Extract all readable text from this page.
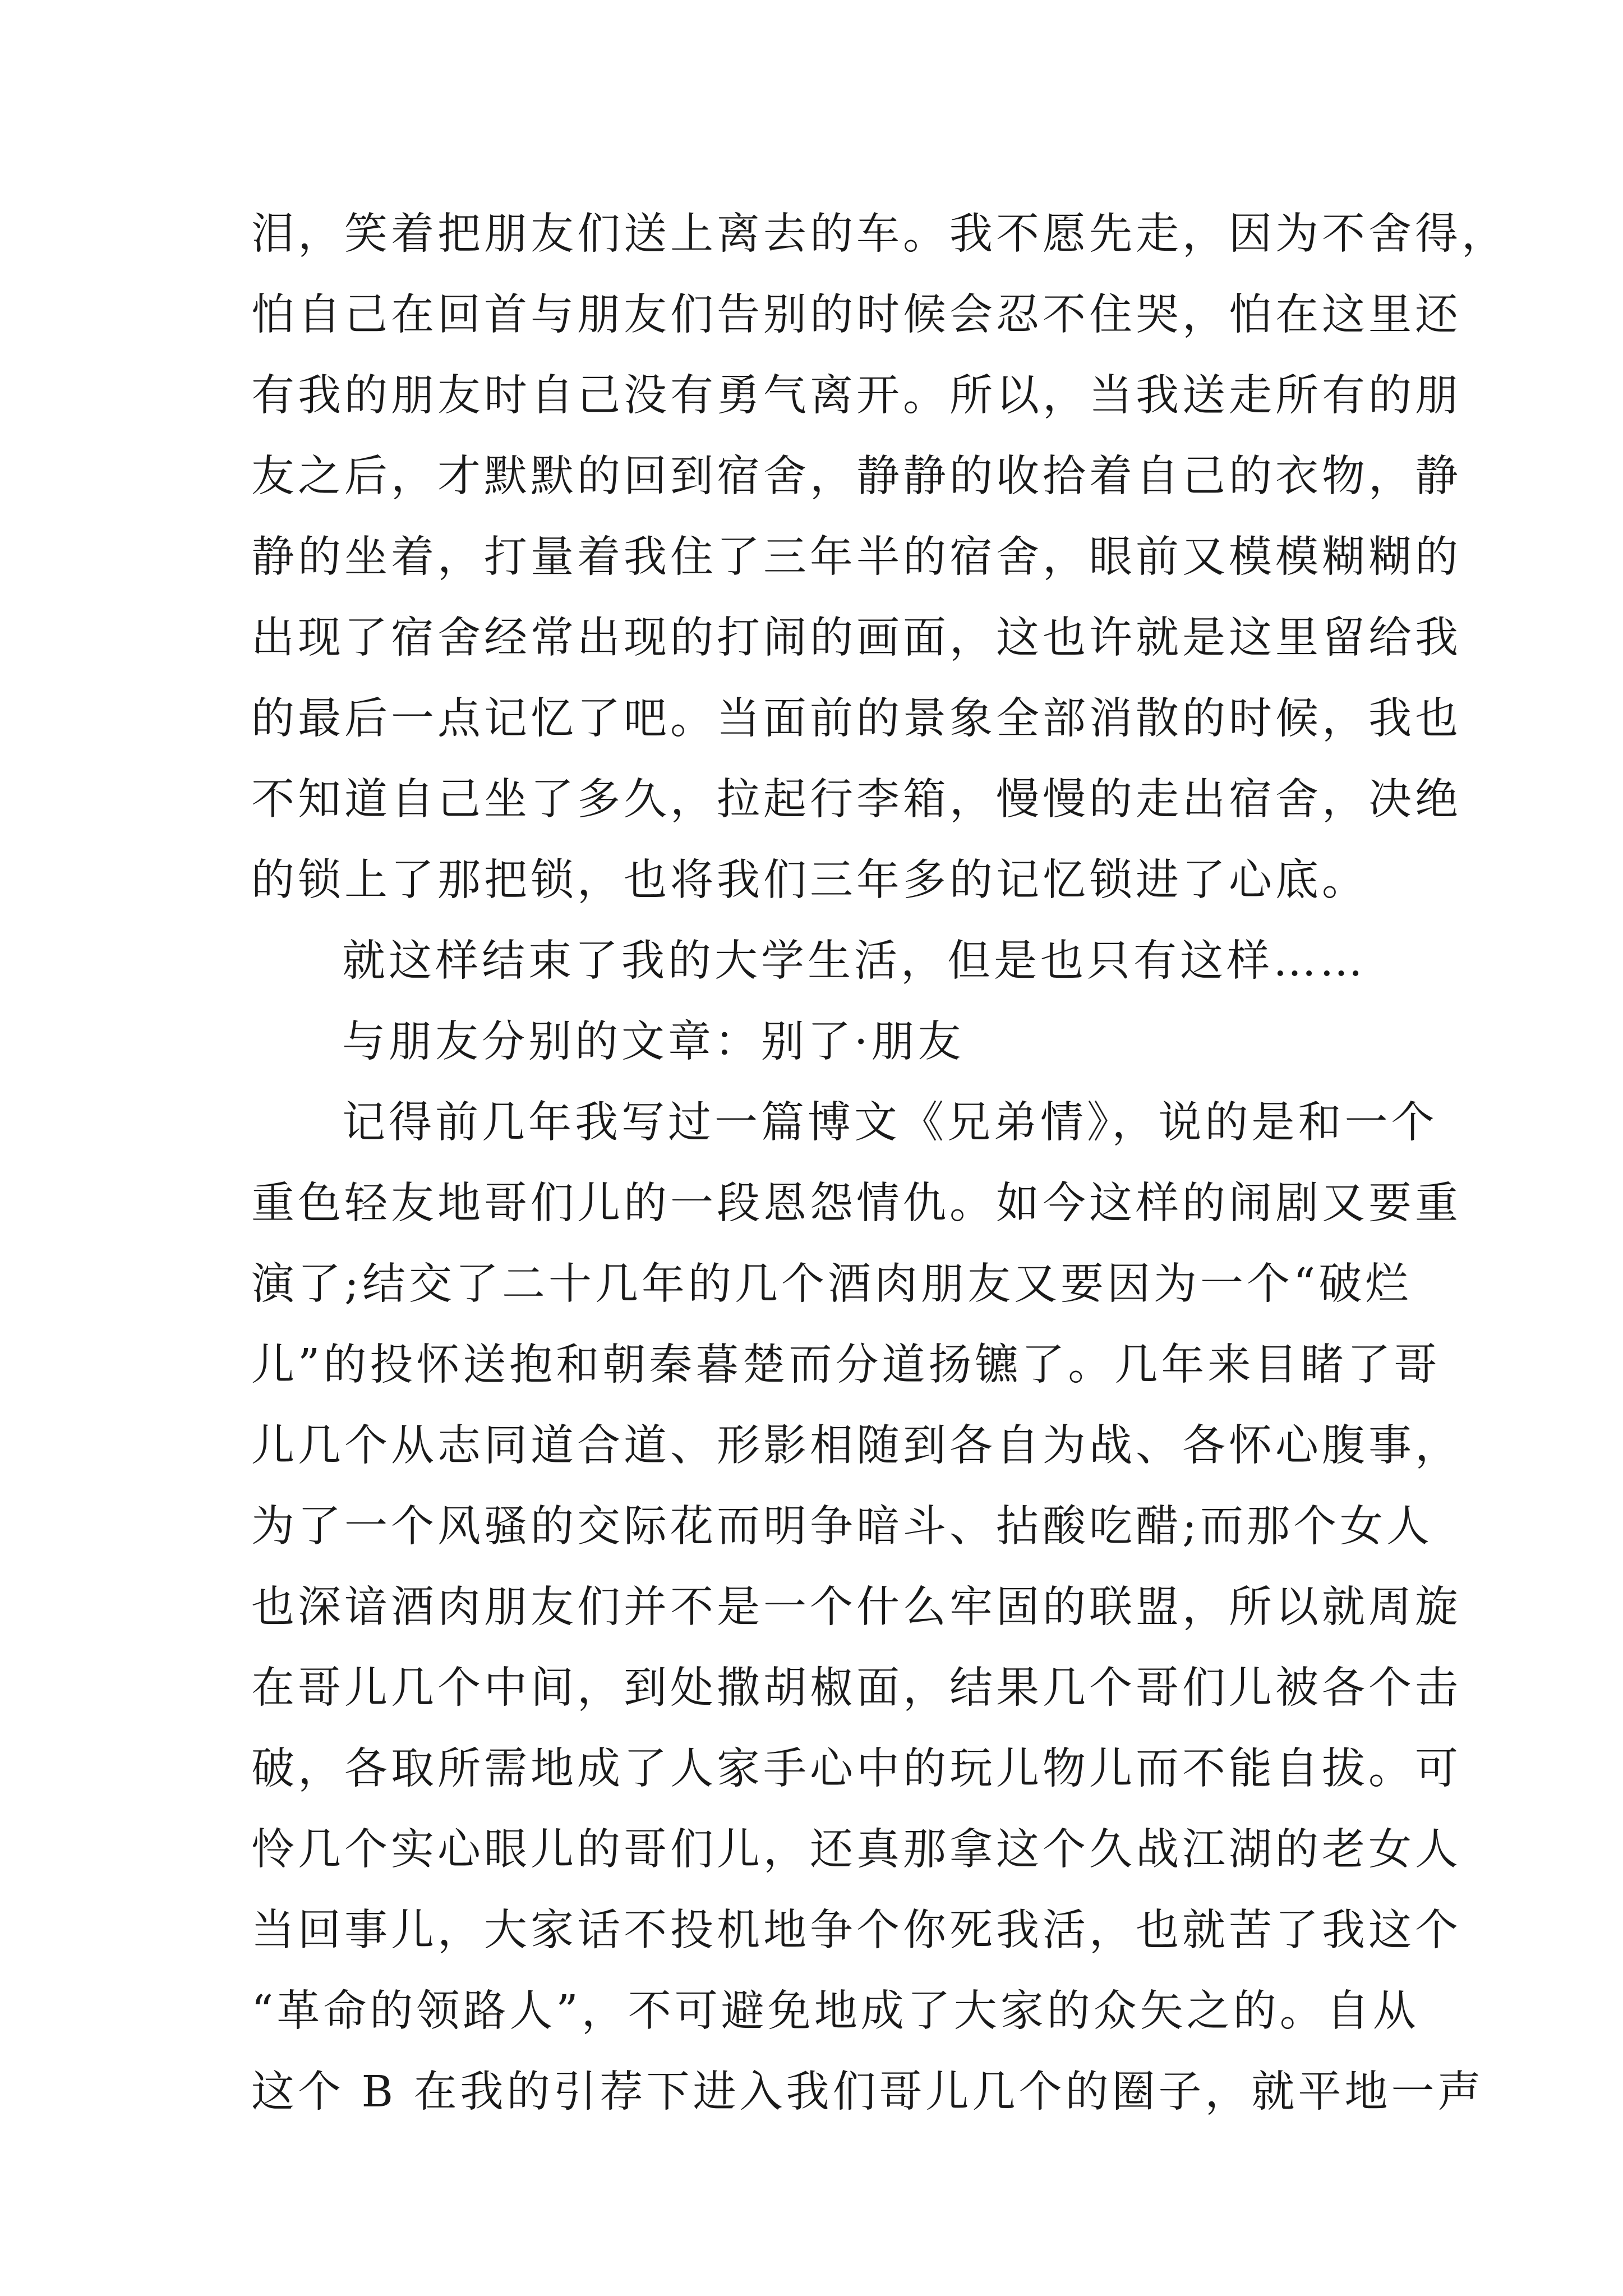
泪，笑着把朋友们送上离去的车。我不愿先走，因为不舍得，
怕自己在回首与朋友们告别的时候会忍不住哭，怕在这里还
有我的朋友时自己没有勇气离开。所以，当我送走所有的朋
友之后，才默默的回到宿舍，静静的收拾着自己的衣物，静
静的坐着，打量着我住了三年半的宿舍，眼前又模模糊糊的
出现了宿舍经常出现的打闹的画面，这也许就是这里留给我
的最后一点记忆了吧。当面前的景象全部消散的时候，我也
不知道自己坐了多久，拉起行李箱，慢慢的走出宿舍，决绝
的锁上了那把锁，也将我们三年多的记忆锁进了心底。
就这样结束了我的大学生活，但是也只有这样……
与朋友分别的文章：别了·朋友
记得前几年我写过一篇博文《兄弟情》，说的是和一个
重色轻友地哥们儿的一段恩怨情仇。如今这样的闹剧又要重
演了;结交了二十几年的几个酒肉朋友又要因为一个“破烂
儿”的投怀送抱和朝秦暮楚而分道扬镳了。几年来目睹了哥
儿几个从志同道合道、形影相随到各自为战、各怀心腹事，
为了一个风骚的交际花而明争暗斗、拈酸吃醋;而那个女人
也深谙酒肉朋友们并不是一个什么牢固的联盟，所以就周旋
在哥儿几个中间，到处撒胡椒面，结果几个哥们儿被各个击
破，各取所需地成了人家手心中的玩儿物儿而不能自拔。可
怜几个实心眼儿的哥们儿，还真那拿这个久战江湖的老女人
当回事儿，大家话不投机地争个你死我活，也就苦了我这个
“革命的领路人”，不可避免地成了大家的众矢之的。自从
这个 B 在我的引荐下进入我们哥儿几个的圈子，就平地一声
